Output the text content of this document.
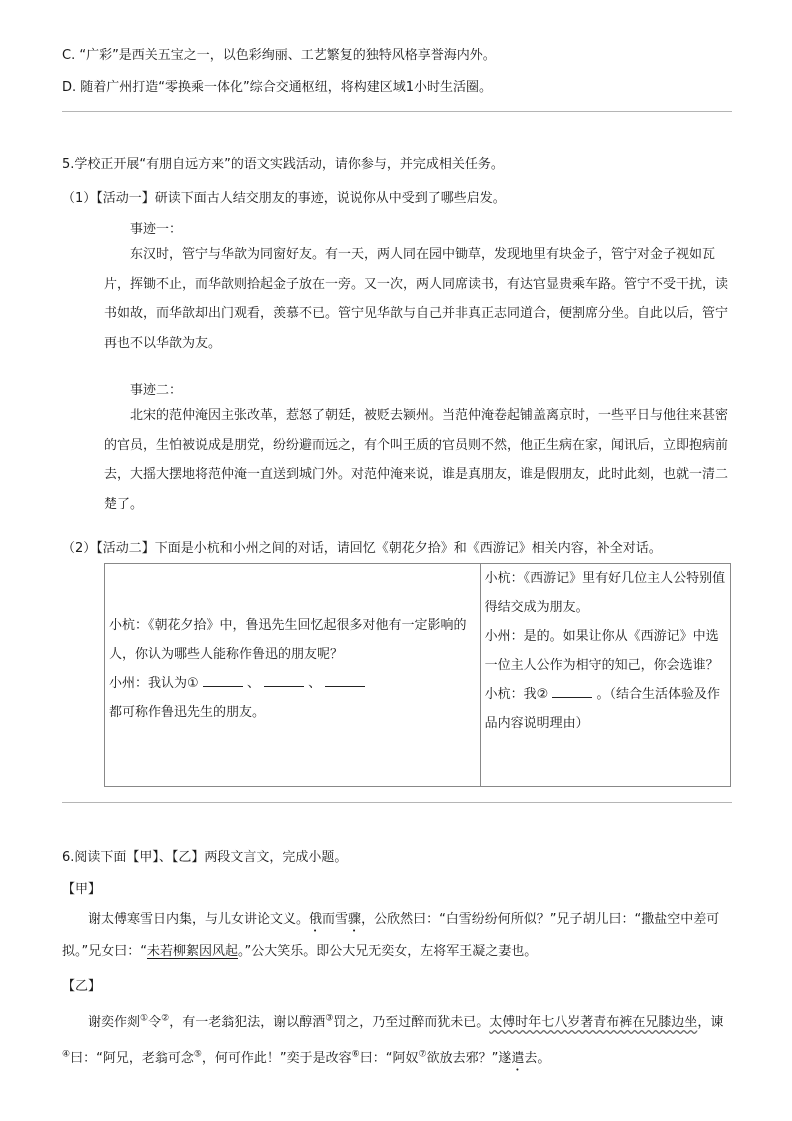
C. “广彩”是西关五宝之一，以色彩绚丽、工艺繁复的独特风格享誉海内外。
D. 随着广州打造“零换乘一体化”综合交通枢纽，将构建区域1小时生活圈。
5.学校正开展“有朋自远方来”的语文实践活动，请你参与，并完成相关任务。
（1）【活动一】研读下面古人结交朋友的事迹，说说你从中受到了哪些启发。
事迹一：
东汉时，管宁与华歆为同窗好友。有一天，两人同在园中锄草，发现地里有块金子，管宁对金子视如瓦片，挥锄不止，而华歆则拾起金子放在一旁。又一次，两人同席读书，有达官显贵乘车路。管宁不受干扰，读书如故，而华歆却出门观看，羡慕不已。管宁见华歆与自己并非真正志同道合，便割席分坐。自此以后，管宁再也不以华歆为友。
事迹二：
北宋的范仲淹因主张改革，惹怒了朝廷，被贬去颍州。当范仲淹卷起铺盖离京时，一些平日与他往来甚密的官员，生怕被说成是朋党，纷纷避而远之，有个叫王质的官员则不然，他正生病在家，闻讯后，立即抱病前去，大摇大摆地将范仲淹一直送到城门外。对范仲淹来说，谁是真朋友，谁是假朋友，此时此刻，也就一清二楚了。
（2）【活动二】下面是小杭和小州之间的对话，请回忆《朝花夕拾》和《西游记》相关内容，补全对话。
小杭：《朝花夕拾》中，鲁迅先生回忆起很多对他有一定影响的人，你认为哪些人能称作鲁迅的朋友呢？
小州：我认为①	、	、
都可称作鲁迅先生的朋友。

小杭：《西游记》里有好几位主人公特别值得结交成为朋友。
小州：是的。如果让你从《西游记》中选一位主人公作为相守的知己，你会选谁？
小杭：我②	。（结合生活体验及作品内容说明理由）
6.阅读下面【甲】、【乙】两段文言文，完成小题。
【甲】
谢太傅寒雪日内集，与儿女讲论文义。俄而雪骤，公欣然曰：“白雪纷纷何所似？”兄子胡儿曰：“撒盐空中差可拟。”兄女曰：“未若柳絮因风起。”公大笑乐。即公大兄无奕女，左将军王凝之妻也。
【乙】
谢奕作剡①令②，有一老翁犯法，谢以醇酒③罚之，乃至过醉而犹未已。太傅时年七八岁著青布裤在兄膝边坐，谏④曰：“阿兄，老翁可念⑤，何可作此！”奕于是改容⑥曰：“阿奴⑦欲放去邪？”遂遣去。
